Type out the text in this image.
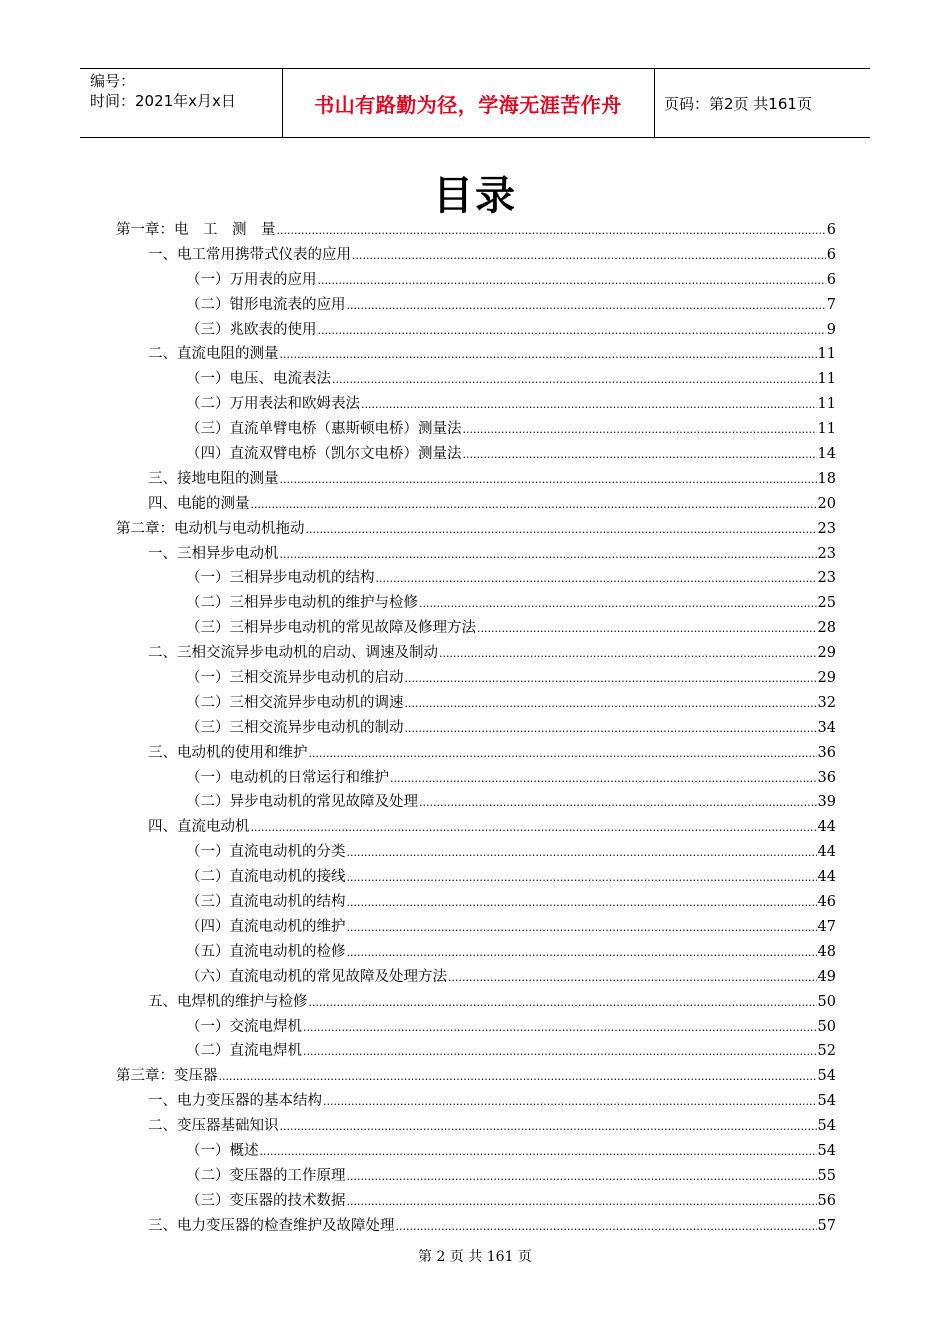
编号：
时间：2021年x月x日	书山有路勤为径，学海无涯苦作舟	页码：第2页 共161页
目录
第一章：电　工　测　量 .....	6
一、电工常用携带式仪表的应用 .....	6
（一）万用表的应用 .....	6
（二）钳形电流表的应用 .....	7
（三）兆欧表的使用 .....	9
二、直流电阻的测量 .....	11
（一）电压、电流表法 .....	11
（二）万用表法和欧姆表法 .....	11
（三）直流单臂电桥（惠斯顿电桥）测量法 .....	11
（四）直流双臂电桥（凯尔文电桥）测量法 .....	14
三、接地电阻的测量 .....	18
四、电能的测量 .....	20
第二章：电动机与电动机拖动 .....	23
一、三相异步电动机 .....	23
（一）三相异步电动机的结构 .....	23
（二）三相异步电动机的维护与检修 .....	25
（三）三相异步电动机的常见故障及修理方法 .....	28
二、三相交流异步电动机的启动、调速及制动 .....	29
（一）三相交流异步电动机的启动 .....	29
（二）三相交流异步电动机的调速 .....	32
（三）三相交流异步电动机的制动 .....	34
三、电动机的使用和维护 .....	36
（一）电动机的日常运行和维护 .....	36
（二）异步电动机的常见故障及处理 .....	39
四、直流电动机 .....	44
（一）直流电动机的分类 .....	44
（二）直流电动机的接线 .....	44
（三）直流电动机的结构 .....	46
（四）直流电动机的维护 .....	47
（五）直流电动机的检修 .....	48
（六）直流电动机的常见故障及处理方法 .....	49
五、电焊机的维护与检修 .....	50
（一）交流电焊机 .....	50
（二）直流电焊机 .....	52
第三章：变压器 .....	54
一、电力变压器的基本结构 .....	54
二、变压器基础知识 .....	54
（一）概述 .....	54
（二）变压器的工作原理 .....	55
（三）变压器的技术数据 .....	56
三、电力变压器的检查维护及故障处理 .....	57
第 2 页 共 161 页
